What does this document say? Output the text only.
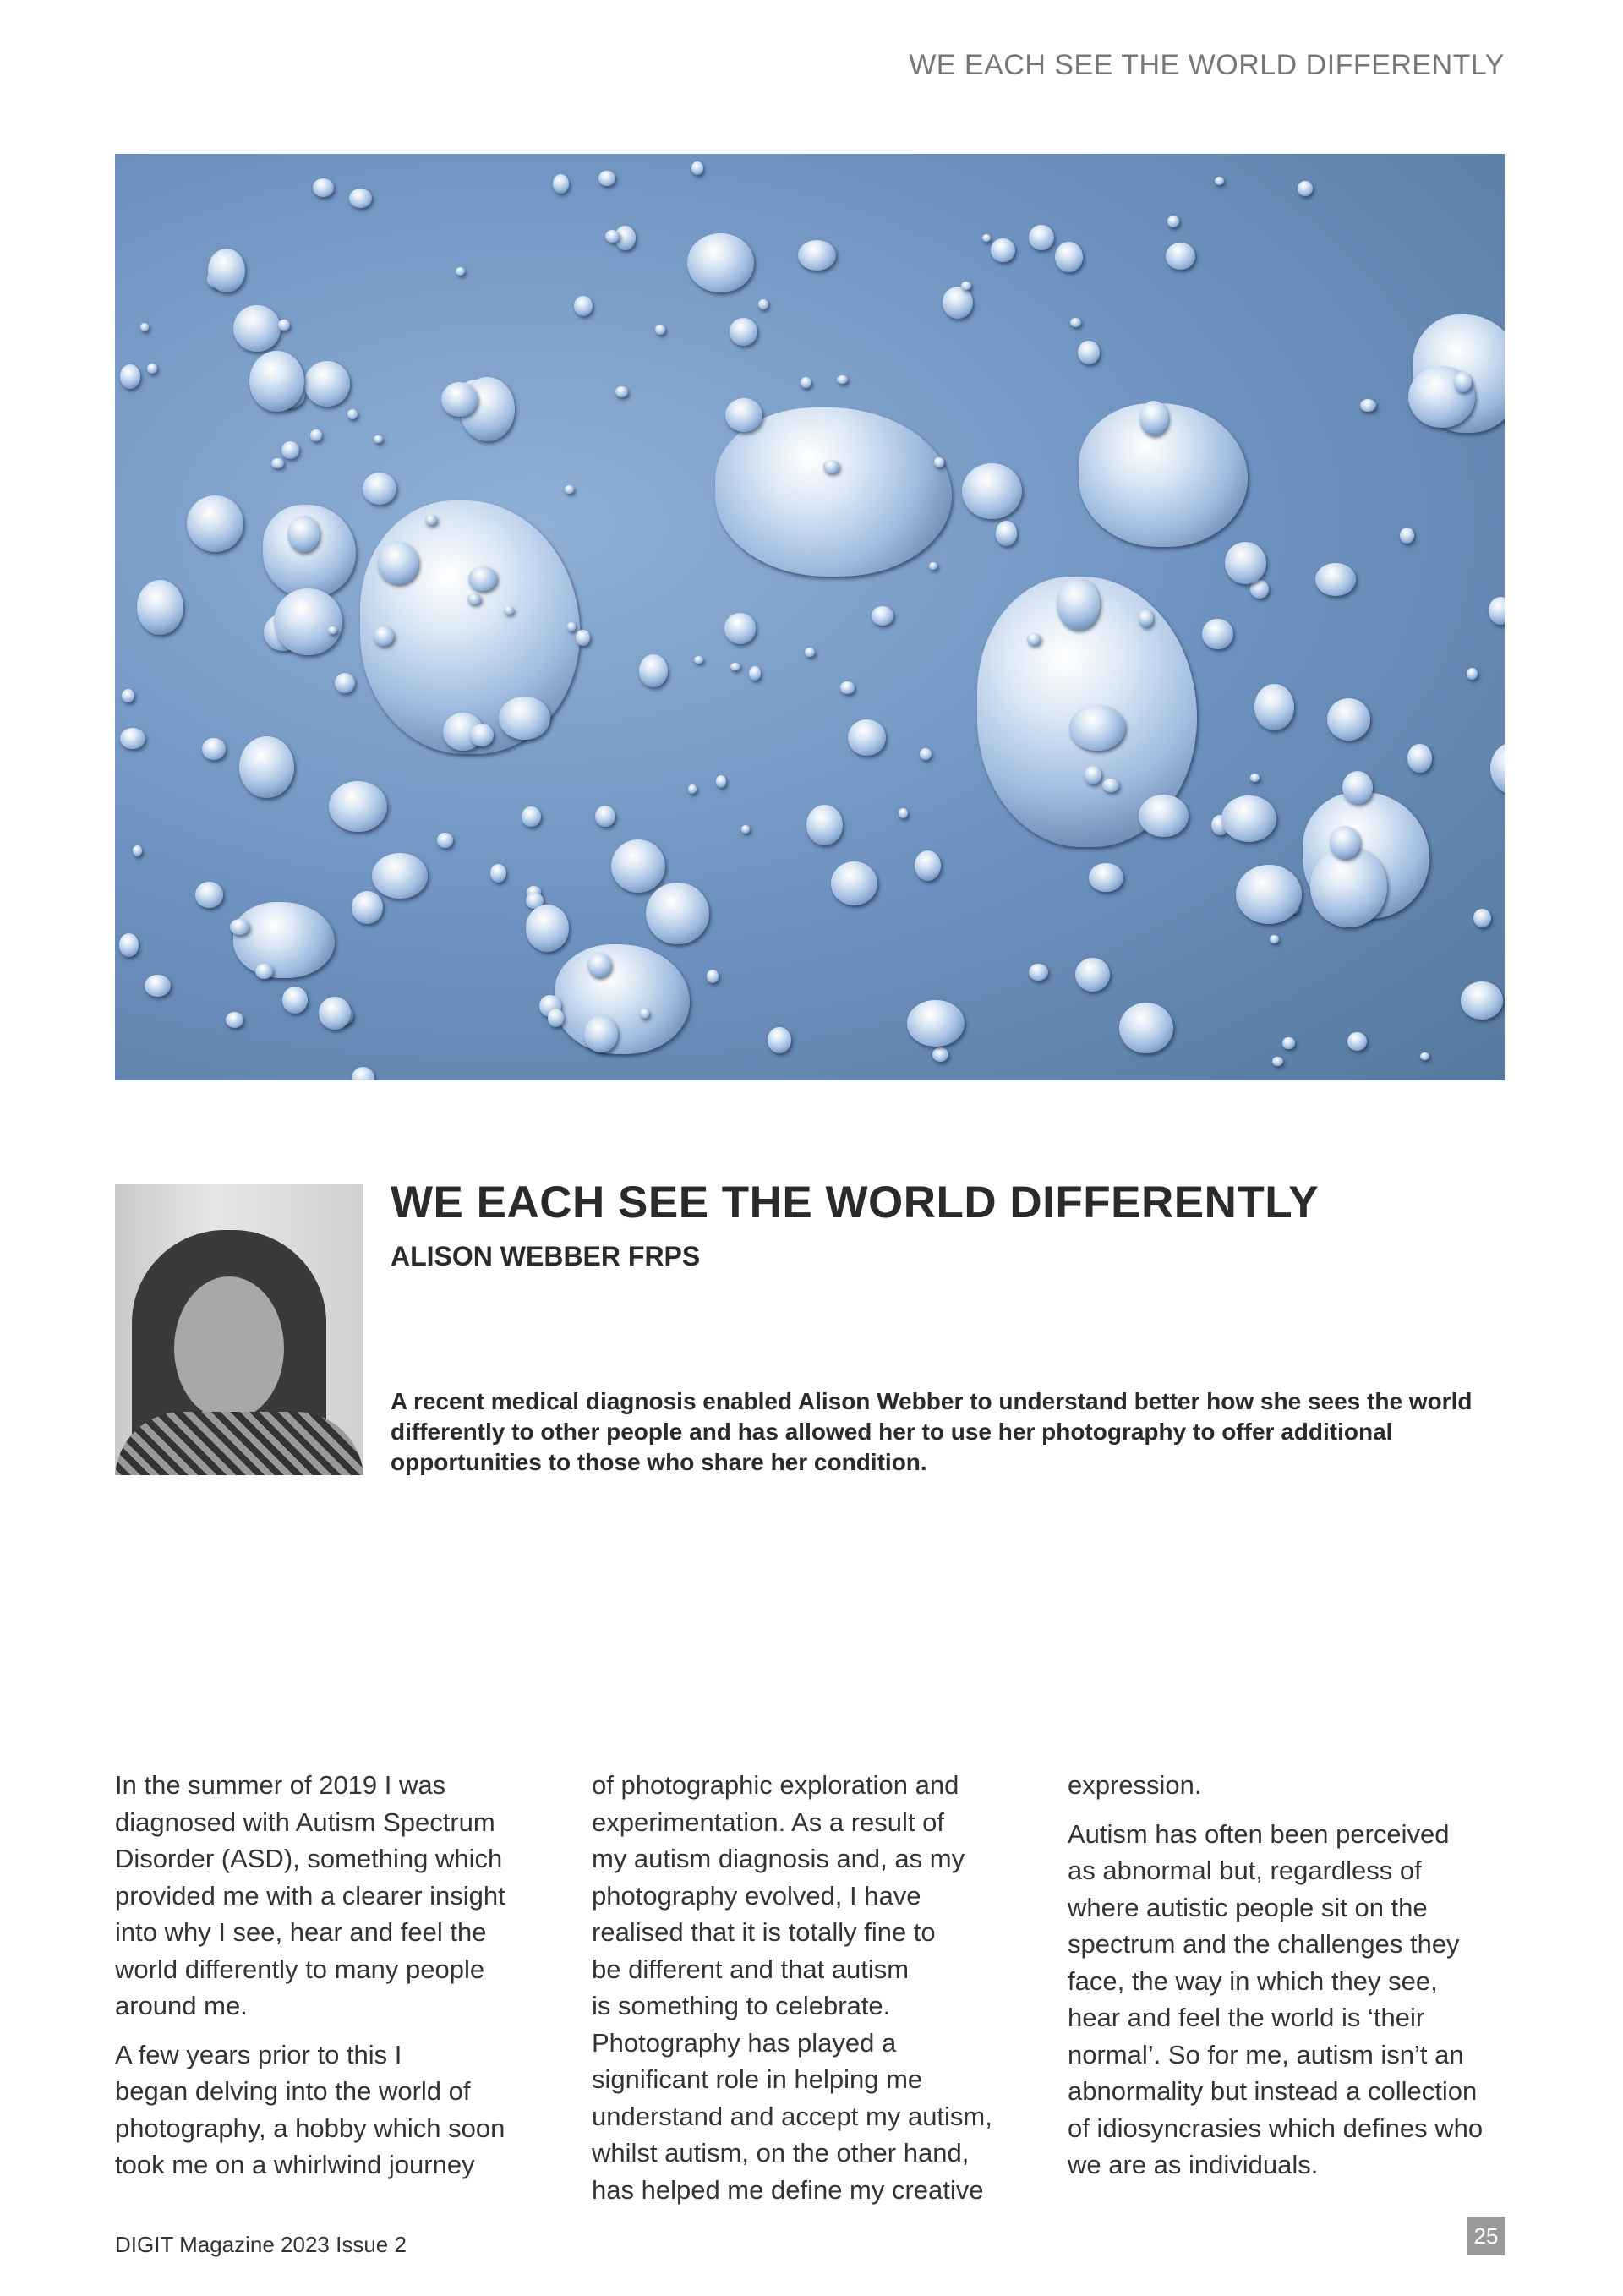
WE EACH SEE THE WORLD DIFFERENTLY
WE EACH SEE THE WORLD DIFFERENTLY
ALISON WEBBER FRPS
A recent medical diagnosis enabled Alison Webber to understand better how she sees the world differently to other people and has allowed her to use her photography to offer additional opportunities to those who share her condition.

In the summer of 2019 I was
diagnosed with Autism Spectrum
Disorder (ASD), something which
provided me with a clearer insight
into why I see, hear and feel the
world differently to many people
around me.

A few years prior to this I
began delving into the world of
photography, a hobby which soon
took me on a whirlwind journey

of photographic exploration and
experimentation. As a result of
my autism diagnosis and, as my
photography evolved, I have
realised that it is totally fine to
be different and that autism
is something to celebrate.
Photography has played a
significant role in helping me
understand and accept my autism,
whilst autism, on the other hand,
has helped me define my creative

expression.

Autism has often been perceived
as abnormal but, regardless of
where autistic people sit on the
spectrum and the challenges they
face, the way in which they see,
hear and feel the world is ‘their
normal’. So for me, autism isn’t an
abnormality but instead a collection
of idiosyncrasies which defines who
we are as individuals.

DIGIT Magazine 2023 Issue 2	25
